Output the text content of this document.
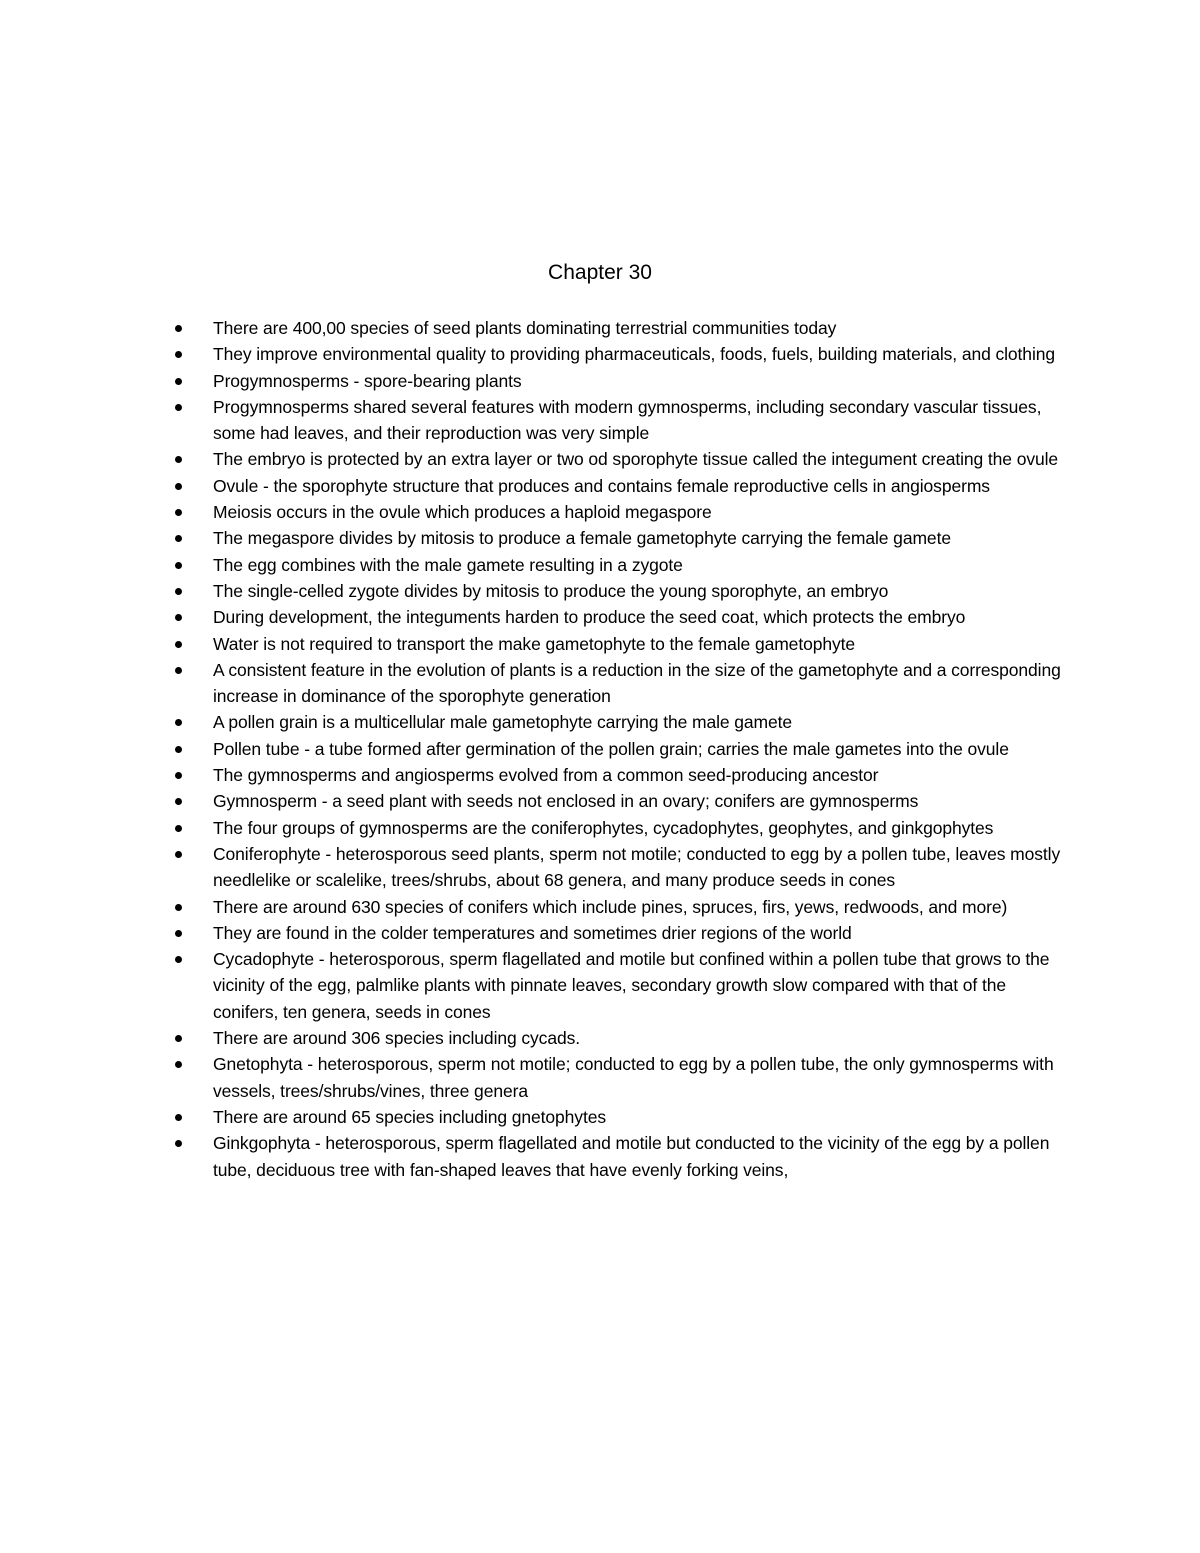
Chapter 30
There are 400,00 species of seed plants dominating terrestrial communities today
They improve environmental quality to providing pharmaceuticals, foods, fuels, building materials, and clothing
Progymnosperms - spore-bearing plants
Progymnosperms shared several features with modern gymnosperms, including secondary vascular tissues, some had leaves, and their reproduction was very simple
The embryo is protected by an extra layer or two od sporophyte tissue called the integument creating the ovule
Ovule - the sporophyte structure that produces and contains female reproductive cells in angiosperms
Meiosis occurs in the ovule which produces a haploid megaspore
The megaspore divides by mitosis to produce a female gametophyte carrying the female gamete
The egg combines with the male gamete resulting in a zygote
The single-celled zygote divides by mitosis to produce the young sporophyte, an embryo
During development, the integuments harden to produce the seed coat, which protects the embryo
Water is not required to transport the make gametophyte to the female gametophyte
A consistent feature in the evolution of plants is a reduction in the size of the gametophyte and a corresponding increase in dominance of the sporophyte generation
A pollen grain is a multicellular male gametophyte carrying the male gamete
Pollen tube - a tube formed after germination of the pollen grain; carries the male gametes into the ovule
The gymnosperms and angiosperms evolved from a common seed-producing ancestor
Gymnosperm - a seed plant with seeds not enclosed in an ovary; conifers are gymnosperms
The four groups of gymnosperms are the coniferophytes, cycadophytes, geophytes, and ginkgophytes
Coniferophyte - heterosporous seed plants, sperm not motile; conducted to egg by a pollen tube, leaves mostly needlelike or scalelike, trees/shrubs, about 68 genera, and many produce seeds in cones
There are around 630 species of conifers which include pines, spruces, firs, yews, redwoods, and more)
They are found in the colder temperatures and sometimes drier regions of the world
Cycadophyte - heterosporous, sperm flagellated and motile but confined within a pollen tube that grows to the vicinity of the egg, palmlike plants with pinnate leaves, secondary growth slow compared with that of the conifers, ten genera, seeds in cones
There are around 306 species including cycads.
Gnetophyta - heterosporous, sperm not motile; conducted to egg by a pollen tube, the only gymnosperms with vessels, trees/shrubs/vines, three genera
There are around 65 species including gnetophytes
Ginkgophyta - heterosporous, sperm flagellated and motile but conducted to the vicinity of the egg by a pollen tube, deciduous tree with fan-shaped leaves that have evenly forking veins,
